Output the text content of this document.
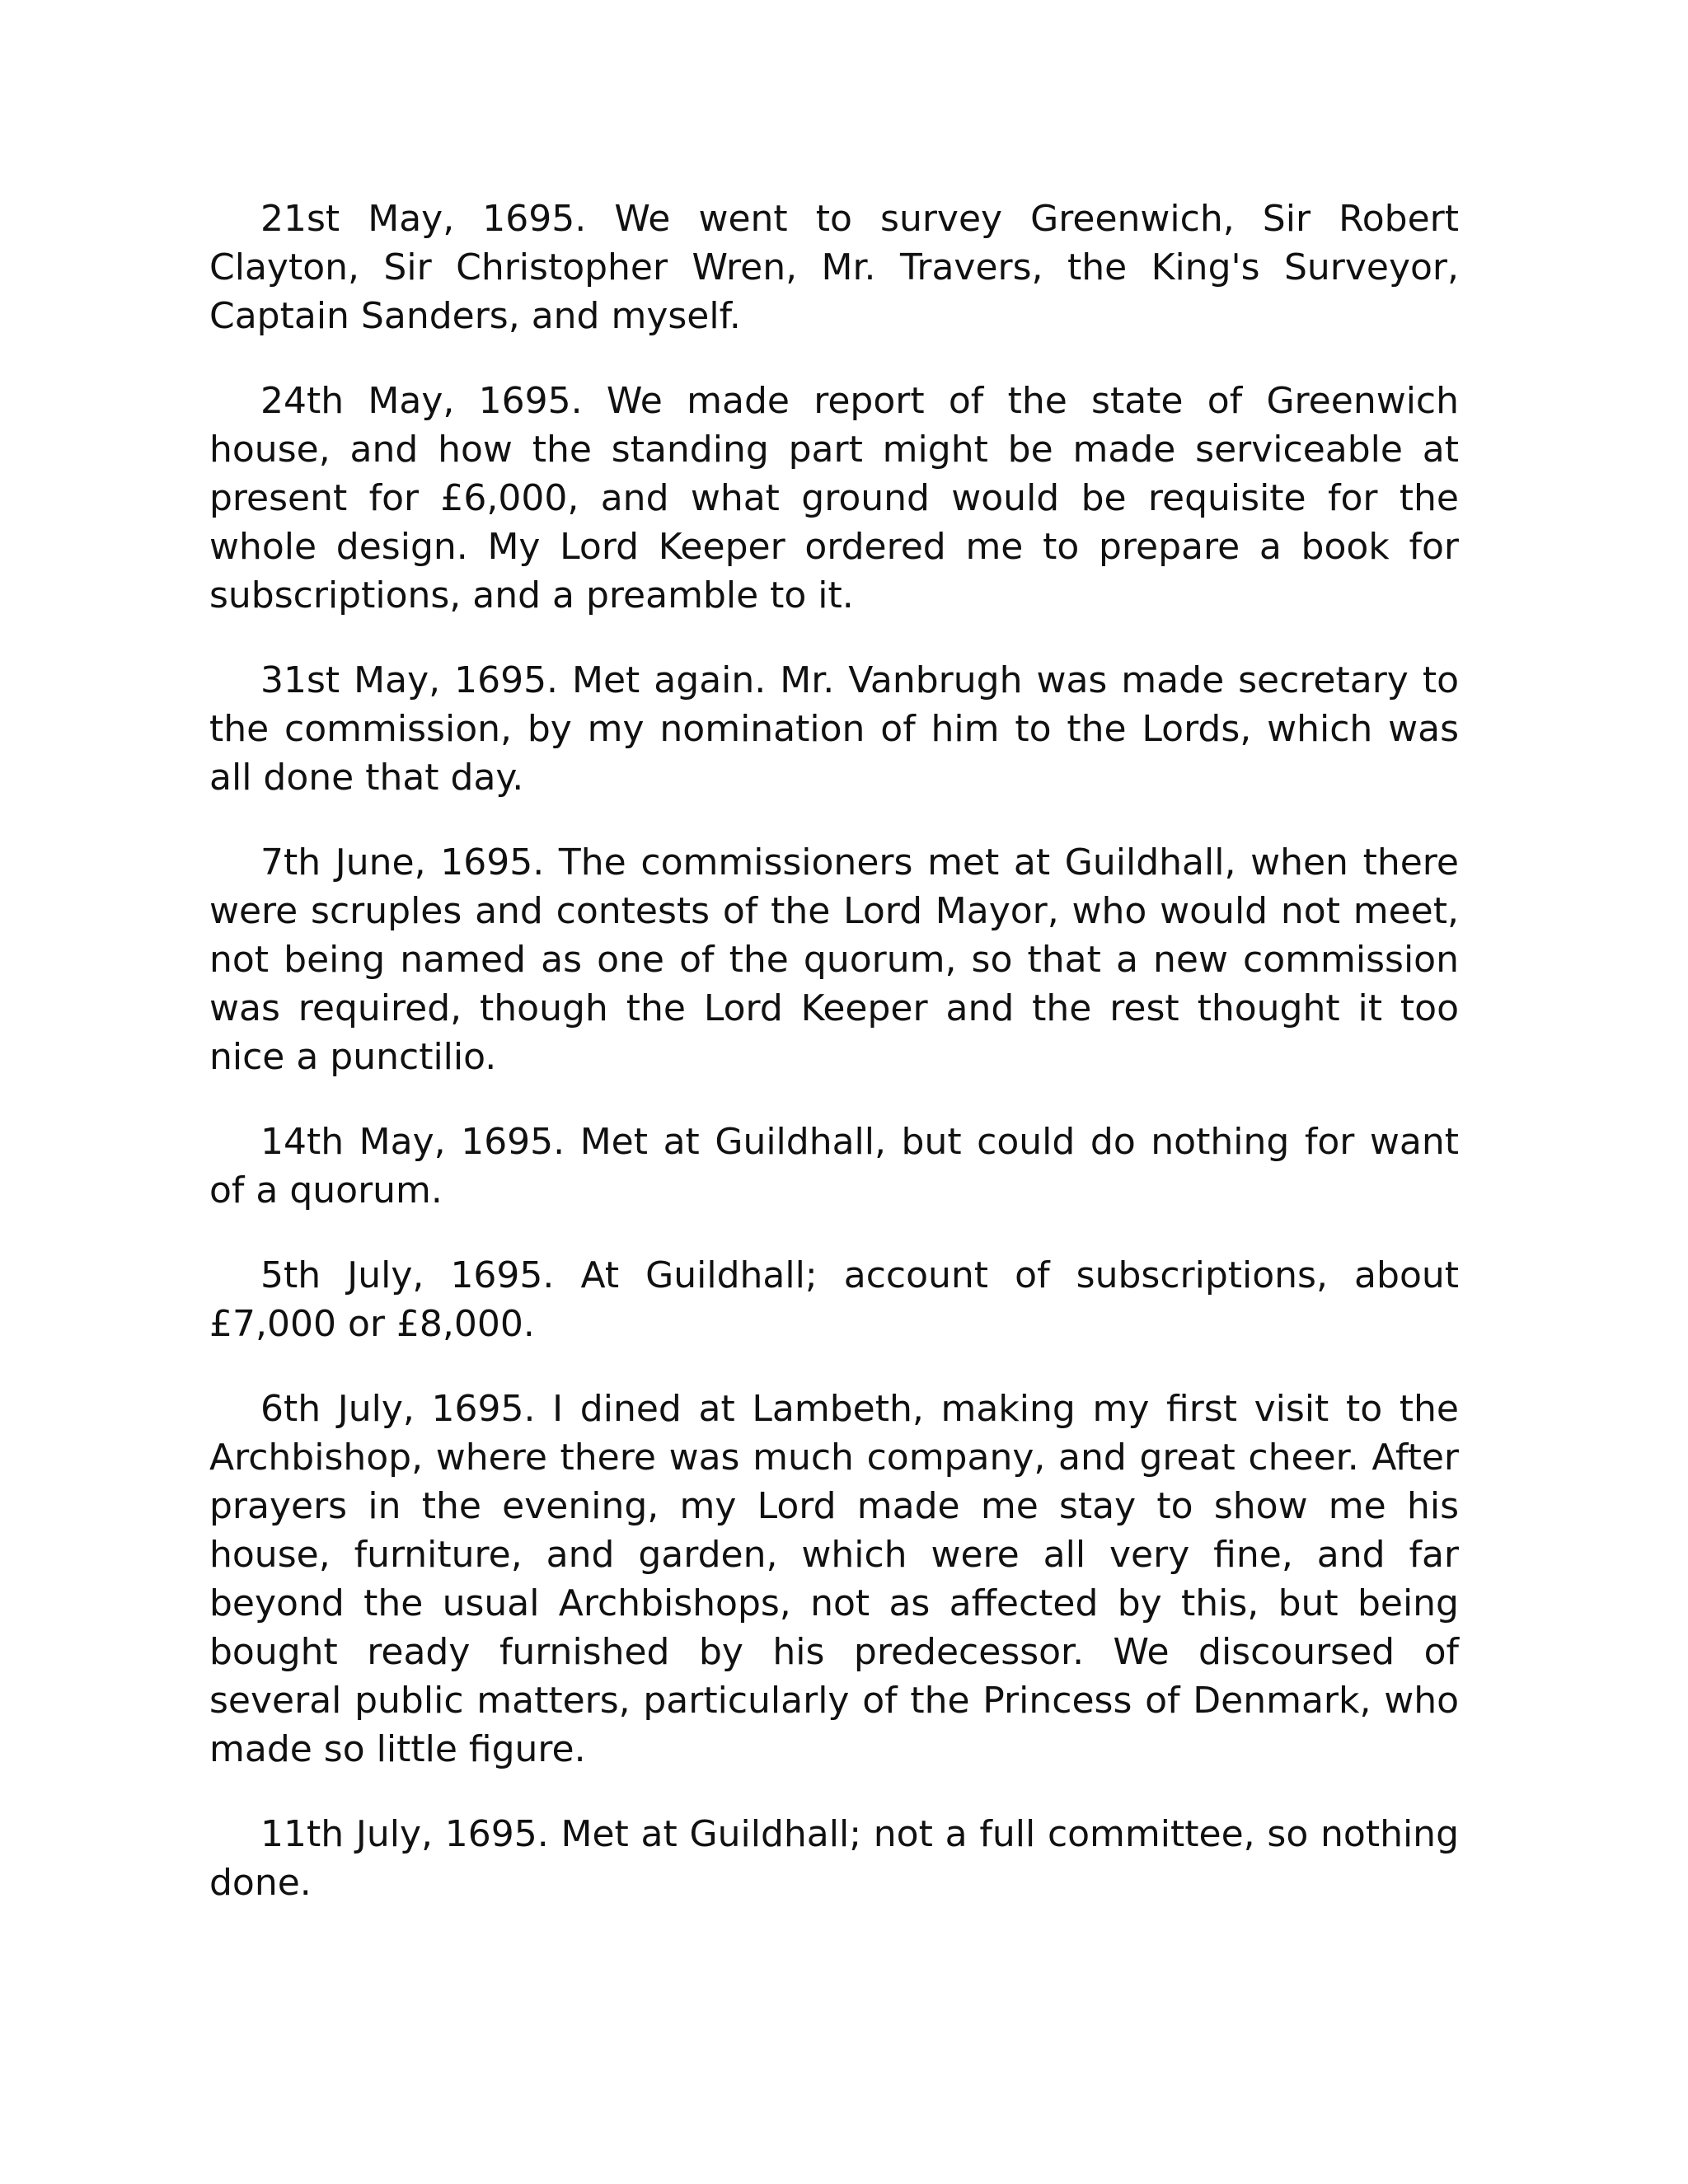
21st May, 1695. We went to survey Greenwich, Sir Robert Clayton, Sir Christopher Wren, Mr. Travers, the King's Surveyor, Captain Sanders, and myself.

24th May, 1695. We made report of the state of Greenwich house, and how the standing part might be made serviceable at present for £6,000, and what ground would be requisite for the whole design. My Lord Keeper ordered me to prepare a book for subscriptions, and a preamble to it.

31st May, 1695. Met again. Mr. Vanbrugh was made secretary to the commission, by my nomination of him to the Lords, which was all done that day.

7th June, 1695. The commissioners met at Guildhall, when there were scruples and contests of the Lord Mayor, who would not meet, not being named as one of the quorum, so that a new commission was required, though the Lord Keeper and the rest thought it too nice a punctilio.

14th May, 1695. Met at Guildhall, but could do nothing for want of a quorum.

5th July, 1695. At Guildhall; account of subscriptions, about £7,000 or £8,000.

6th July, 1695. I dined at Lambeth, making my first visit to the Archbishop, where there was much company, and great cheer. After prayers in the evening, my Lord made me stay to show me his house, furniture, and garden, which were all very fine, and far beyond the usual Archbishops, not as affected by this, but being bought ready furnished by his predecessor. We discoursed of several public matters, particularly of the Princess of Denmark, who made so little figure.

11th July, 1695. Met at Guildhall; not a full committee, so nothing done.
